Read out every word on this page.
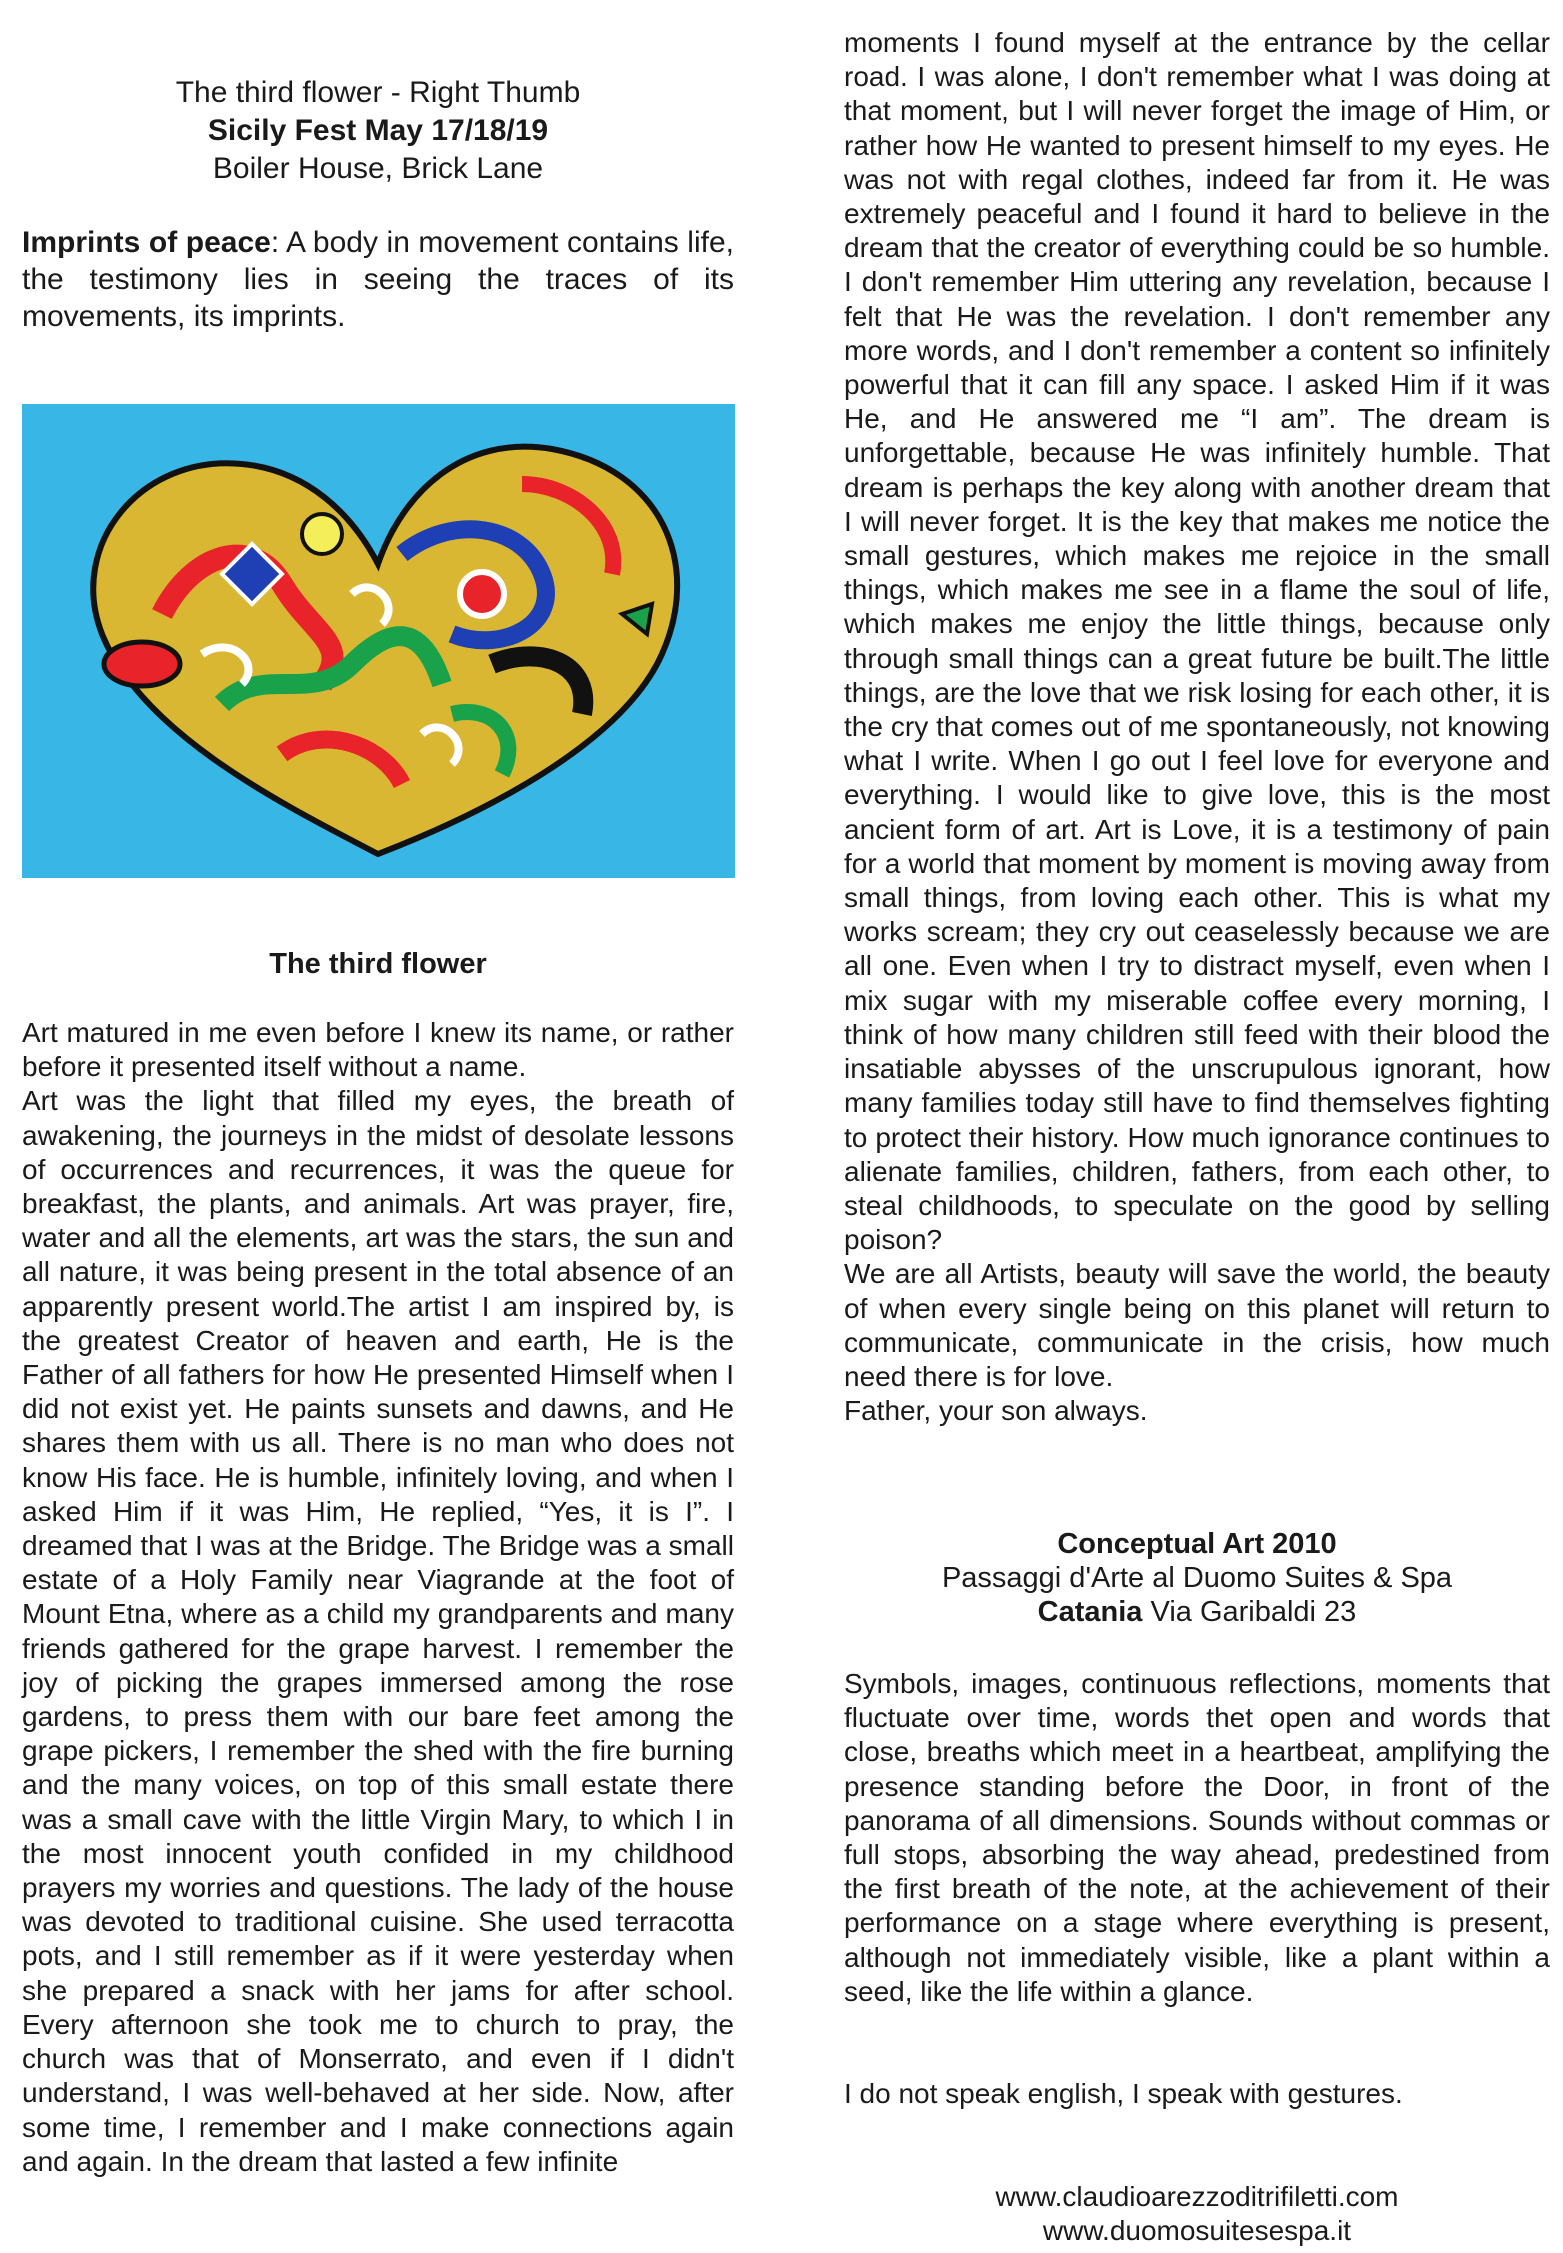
The third flower - Right Thumb
Sicily Fest May 17/18/19
Boiler House, Brick Lane
Imprints of peace: A body in movement contains life, the testimony lies in seeing the traces of its movements, its imprints.
The third flower

Art matured in me even before I knew its name, or rather before it presented itself without a name.

Art was the light that filled my eyes, the breath of awakening, the journeys in the midst of desolate lessons of occurrences and recurrences, it was the queue for breakfast, the plants, and animals. Art was prayer, fire, water and all the elements, art was the stars, the sun and all nature, it was being present in the total absence of an apparently present world.The artist I am inspired by, is the greatest Creator of heaven and earth, He is the Father of all fathers for how He presented Himself when I did not exist yet. He paints sunsets and dawns, and He shares them with us all. There is no man who does not know His face. He is humble, infinitely loving, and when I asked Him if it was Him, He replied, “Yes, it is I”. I dreamed that I was at the Bridge. The Bridge was a small estate of a Holy Family near Viagrande at the foot of Mount Etna, where as a child my grandparents and many friends gathered for the grape harvest. I remember the joy of picking the grapes immersed among the rose gardens, to press them with our bare feet among the grape pickers, I remember the shed with the fire burning and the many voices, on top of this small estate there was a small cave with the little Virgin Mary, to which I in the most innocent youth confided in my childhood prayers my worries and questions. The lady of the house was devoted to traditional cuisine. She used terracotta pots, and I still remember as if it were yesterday when she prepared a snack with her jams for after school. Every afternoon she took me to church to pray, the church was that of Monserrato, and even if I didn't understand, I was well-behaved at her side. Now, after some time, I remember and I make connections again and again. In the dream that lasted a few infinite

moments I found myself at the entrance by the cellar road. I was alone, I don't remember what I was doing at that moment, but I will never forget the image of Him, or rather how He wanted to present himself to my eyes. He was not with regal clothes, indeed far from it. He was extremely peaceful and I found it hard to believe in the dream that the creator of everything could be so humble. I don't remember Him uttering any revelation, because I felt that He was the revelation. I don't remember any more words, and I don't remember a content so infinitely powerful that it can fill any space. I asked Him if it was He, and He answered me “I am”. The dream is unforgettable, because He was infinitely humble. That dream is perhaps the key along with another dream that I will never forget. It is the key that makes me notice the small gestures, which makes me rejoice in the small things, which makes me see in a flame the soul of life, which makes me enjoy the little things, because only through small things can a great future be built.The little things, are the love that we risk losing for each other, it is the cry that comes out of me spontaneously, not knowing what I write. When I go out I feel love for everyone and everything. I would like to give love, this is the most ancient form of art. Art is Love, it is a testimony of pain for a world that moment by moment is moving away from small things, from loving each other. This is what my works scream; they cry out ceaselessly because we are all one. Even when I try to distract myself, even when I mix sugar with my miserable coffee every morning, I think of how many children still feed with their blood the insatiable abysses of the unscrupulous ignorant, how many families today still have to find themselves fighting to protect their history. How much ignorance continues to alienate families, children, fathers, from each other, to steal childhoods, to speculate on the good by selling poison?

We are all Artists, beauty will save the world, the beauty of when every single being on this planet will return to communicate, communicate in the crisis, how much need there is for love.

Father, your son always.

Conceptual Art 2010
Passaggi d'Arte al Duomo Suites & Spa
Catania Via Garibaldi 23

Symbols, images, continuous reflections, moments that fluctuate over time, words thet open and words that close, breaths which meet in a heartbeat, amplifying the presence standing before the Door, in front of the panorama of all dimensions. Sounds without commas or full stops, absorbing the way ahead, predestined from the first breath of the note, at the achievement of their performance on a stage where everything is present, although not immediately visible, like a plant within a seed, like the life within a glance.

I do not speak english, I speak with gestures.
www.claudioarezzoditrifiletti.com
www.duomosuitesespa.it
